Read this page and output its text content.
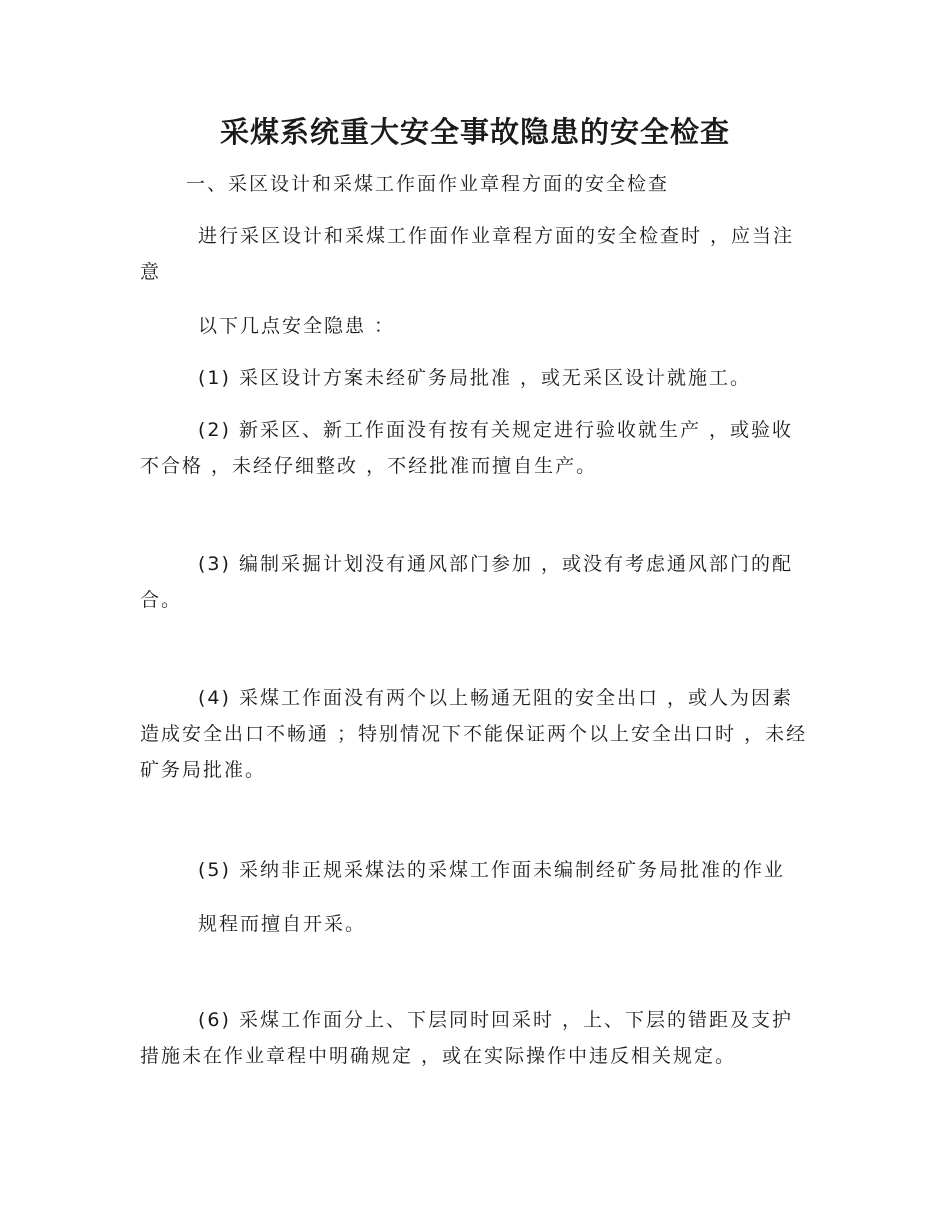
采煤系统重大安全事故隐患的安全检查
一、采区设计和采煤工作面作业章程方面的安全检查

进行采区设计和采煤工作面作业章程方面的安全检查时 ，应当注意

以下几点安全隐患 ：

(1) 采区设计方案未经矿务局批准 ，或无采区设计就施工。

(2) 新采区、新工作面没有按有关规定进行验收就生产 ，或验收不合格 ，未经仔细整改 ，不经批准而擅自生产。

(3) 编制采掘计划没有通风部门参加 ，或没有考虑通风部门的配合。

(4) 采煤工作面没有两个以上畅通无阻的安全出口 ，或人为因素造成安全出口不畅通 ；特别情况下不能保证两个以上安全出口时 ，未经矿务局批准。

(5) 采纳非正规采煤法的采煤工作面未编制经矿务局批准的作业

规程而擅自开采。

(6) 采煤工作面分上、下层同时回采时 ，上、下层的错距及支护措施未在作业章程中明确规定 ，或在实际操作中违反相关规定。
